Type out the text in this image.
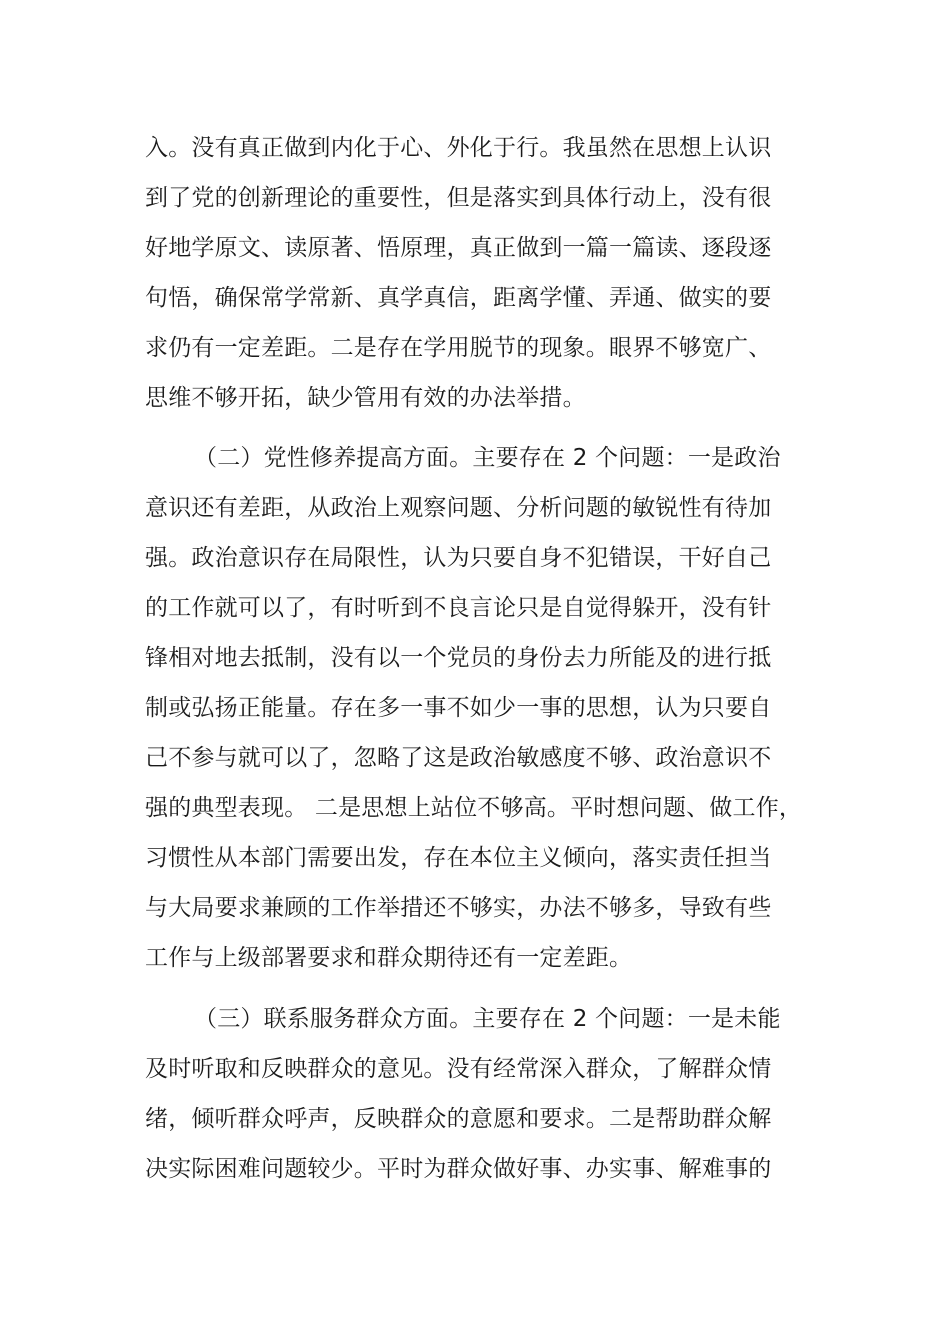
入。没有真正做到内化于心、外化于行。我虽然在思想上认识
到了党的创新理论的重要性，但是落实到具体行动上，没有很
好地学原文、读原著、悟原理，真正做到一篇一篇读、逐段逐
句悟，确保常学常新、真学真信，距离学懂、弄通、做实的要
求仍有一定差距。二是存在学用脱节的现象。眼界不够宽广、
思维不够开拓，缺少管用有效的办法举措。
（二）党性修养提高方面。主要存在 2 个问题：一是政治
意识还有差距，从政治上观察问题、分析问题的敏锐性有待加
强。政治意识存在局限性，认为只要自身不犯错误，干好自己
的工作就可以了，有时听到不良言论只是自觉得躲开，没有针
锋相对地去抵制，没有以一个党员的身份去力所能及的进行抵
制或弘扬正能量。存在多一事不如少一事的思想，认为只要自
己不参与就可以了，忽略了这是政治敏感度不够、政治意识不
强的典型表现。 二是思想上站位不够高。平时想问题、做工作，
习惯性从本部门需要出发，存在本位主义倾向，落实责任担当
与大局要求兼顾的工作举措还不够实，办法不够多，导致有些
工作与上级部署要求和群众期待还有一定差距。
（三）联系服务群众方面。主要存在 2 个问题：一是未能
及时听取和反映群众的意见。没有经常深入群众，了解群众情
绪，倾听群众呼声，反映群众的意愿和要求。二是帮助群众解
决实际困难问题较少。平时为群众做好事、办实事、解难事的
